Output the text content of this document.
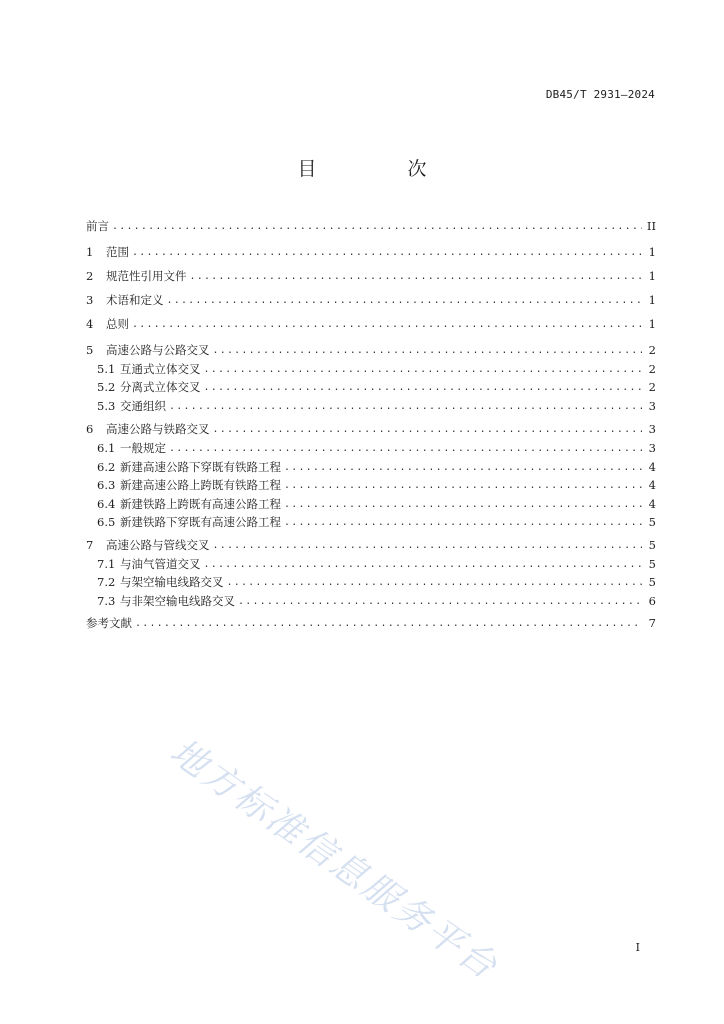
DB45/T 2931—2024
目　次
前言 .....	II
1	范围 .....	1
2	规范性引用文件 .....	1
3	术语和定义 .....	1
4	总则 .....	1
5	高速公路与公路交叉 .....	2
5.1 互通式立体交叉 .....	2
5.2 分离式立体交叉 .....	2
5.3 交通组织 .....	3
6	高速公路与铁路交叉 .....	3
6.1 一般规定 .....	3
6.2 新建高速公路下穿既有铁路工程 .....	4
6.3 新建高速公路上跨既有铁路工程 .....	4
6.4 新建铁路上跨既有高速公路工程 .....	4
6.5 新建铁路下穿既有高速公路工程 .....	5
7	高速公路与管线交叉 .....	5
7.1 与油气管道交叉 .....	5
7.2 与架空输电线路交叉 .....	5
7.3 与非架空输电线路交叉 .....	6
参考文献 .....	7
地方标准信息服务平台	I
